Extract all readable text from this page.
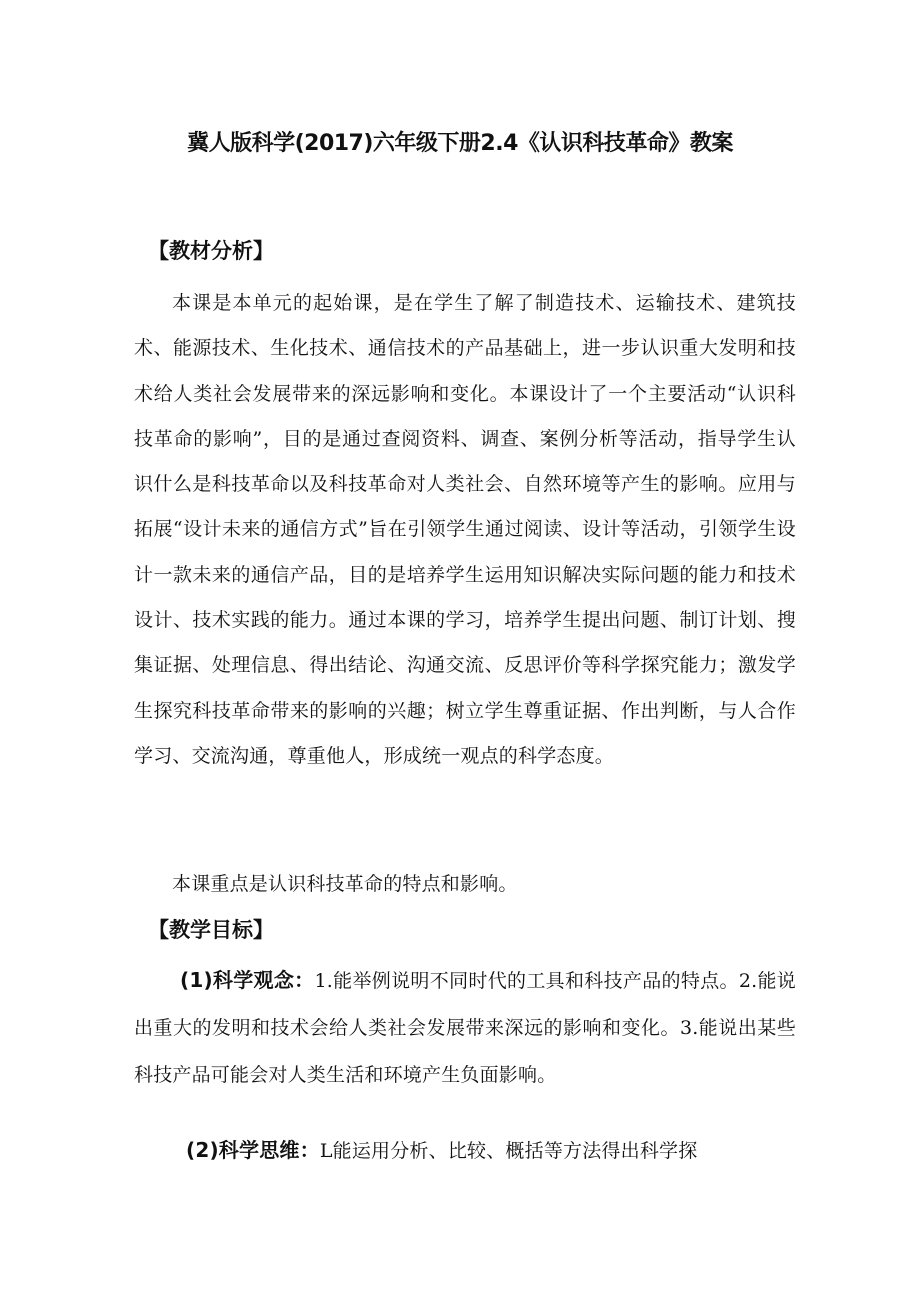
冀人版科学(2017)六年级下册2.4《认识科技革命》教案
【教材分析】

本课是本单元的起始课，是在学生了解了制造技术、运输技术、建筑技术、能源技术、生化技术、通信技术的产品基础上，进一步认识重大发明和技术给人类社会发展带来的深远影响和变化。本课设计了一个主要活动“认识科技革命的影响”，目的是通过查阅资料、调查、案例分析等活动，指导学生认识什么是科技革命以及科技革命对人类社会、自然环境等产生的影响。应用与拓展“设计未来的通信方式”旨在引领学生通过阅读、设计等活动，引领学生设计一款未来的通信产品，目的是培养学生运用知识解决实际问题的能力和技术设计、技术实践的能力。通过本课的学习，培养学生提出问题、制订计划、搜集证据、处理信息、得出结论、沟通交流、反思评价等科学探究能力；激发学生探究科技革命带来的影响的兴趣；树立学生尊重证据、作出判断，与人合作学习、交流沟通，尊重他人，形成统一观点的科学态度。

本课重点是认识科技革命的特点和影响。

【教学目标】

(1)科学观念：1.能举例说明不同时代的工具和科技产品的特点。2.能说出重大的发明和技术会给人类社会发展带来深远的影响和变化。3.能说出某些科技产品可能会对人类生活和环境产生负面影响。

(2)科学思维：L能运用分析、比较、概括等方法得出科学探
